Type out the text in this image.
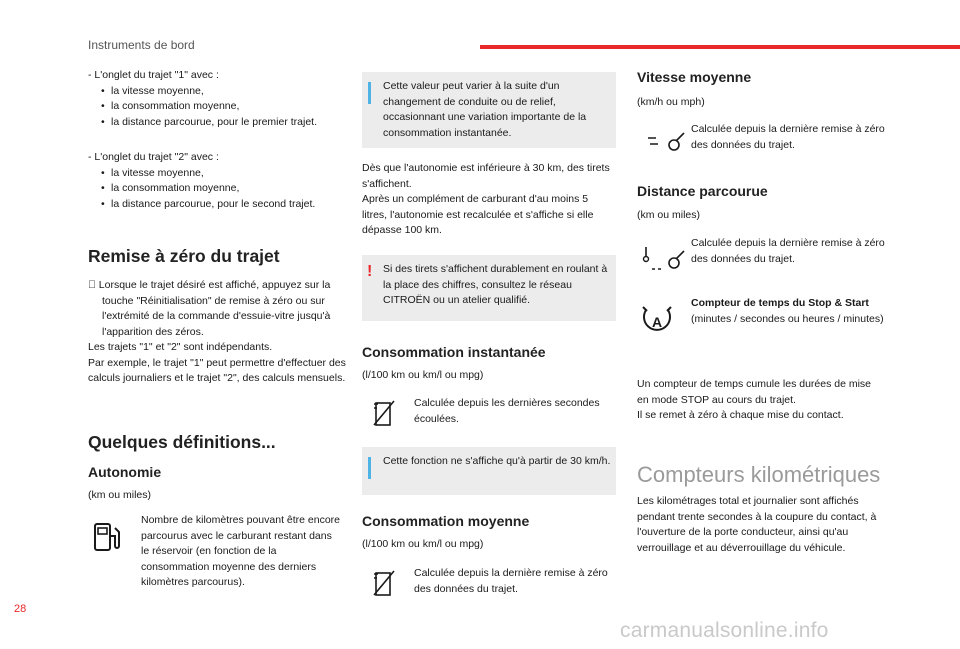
Instruments de bord
- L'onglet du trajet "1" avec :
• la vitesse moyenne,
• la consommation moyenne,
• la distance parcourue, pour le premier trajet.
- L'onglet du trajet "2" avec :
• la vitesse moyenne,
• la consommation moyenne,
• la distance parcourue, pour le second trajet.
Remise à zéro du trajet
Lorsque le trajet désiré est affiché, appuyez sur la touche "Réinitialisation" de remise à zéro ou sur l'extrémité de la commande d'essuie-vitre jusqu'à l'apparition des zéros.
Les trajets "1" et "2" sont indépendants.
Par exemple, le trajet "1" peut permettre d'effectuer des calculs journaliers et le trajet "2", des calculs mensuels.
Quelques définitions...
Autonomie
(km ou miles)
Nombre de kilomètres pouvant être encore parcourus avec le carburant restant dans le réservoir (en fonction de la consommation moyenne des derniers kilomètres parcourus).
Cette valeur peut varier à la suite d'un changement de conduite ou de relief, occasionnant une variation importante de la consommation instantanée.
Dès que l'autonomie est inférieure à 30 km, des tirets s'affichent.
Après un complément de carburant d'au moins 5 litres, l'autonomie est recalculée et s'affiche si elle dépasse 100 km.
! Si des tirets s'affichent durablement en roulant à la place des chiffres, consultez le réseau CITROËN ou un atelier qualifié.
Consommation instantanée
(l/100 km ou km/l ou mpg)
Calculée depuis les dernières secondes écoulées.
Cette fonction ne s'affiche qu'à partir de 30 km/h.
Consommation moyenne
(l/100 km ou km/l ou mpg)
Calculée depuis la dernière remise à zéro des données du trajet.
Vitesse moyenne
(km/h ou mph)
Calculée depuis la dernière remise à zéro des données du trajet.
Distance parcourue
(km ou miles)
Calculée depuis la dernière remise à zéro des données du trajet.
A
Compteur de temps du Stop & Start
(minutes / secondes ou heures / minutes)
Un compteur de temps cumule les durées de mise en mode STOP au cours du trajet.
Il se remet à zéro à chaque mise du contact.
Compteurs kilométriques
Les kilométrages total et journalier sont affichés pendant trente secondes à la coupure du contact, à l'ouverture de la porte conducteur, ainsi qu'au verrouillage et au déverrouillage du véhicule.
28
carmanualsonline.info
